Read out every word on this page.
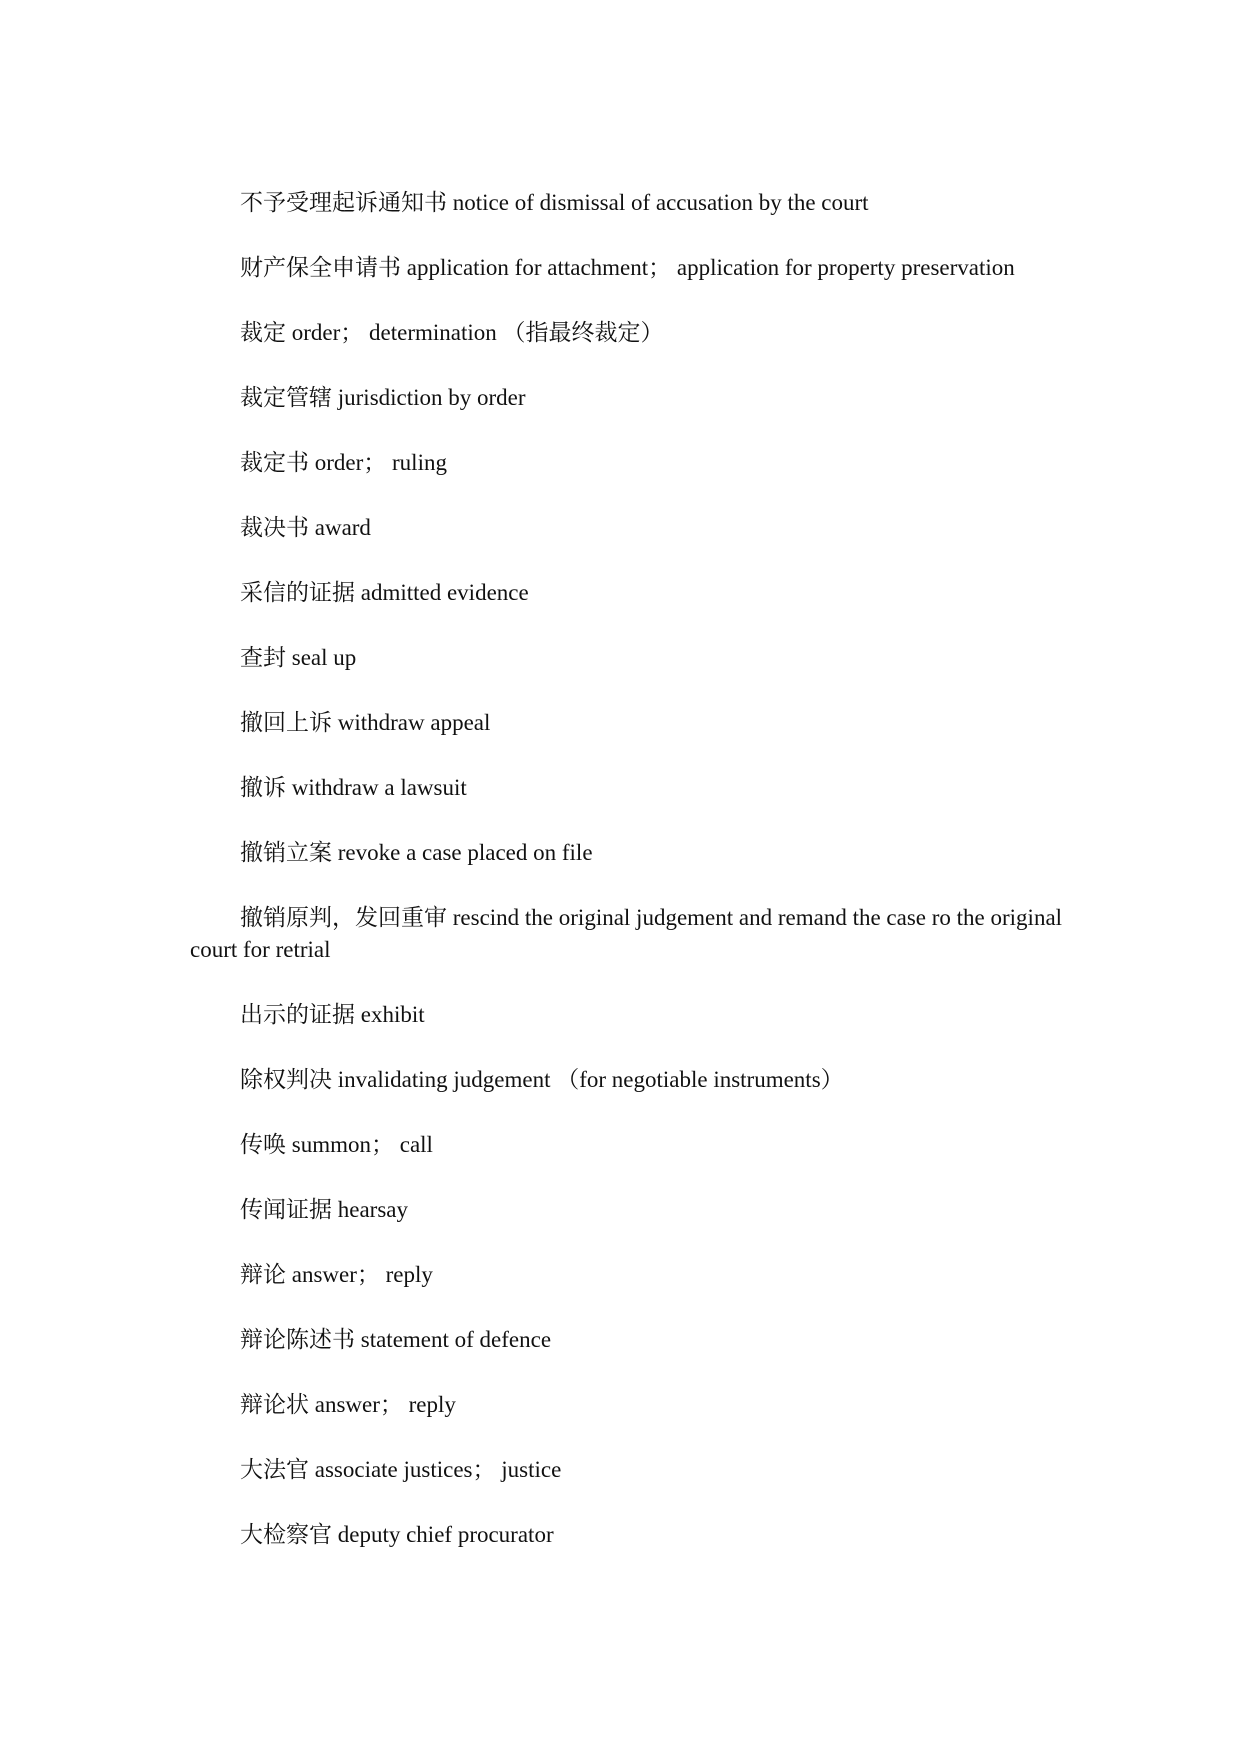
不予受理起诉通知书 notice of dismissal of accusation by the court

财产保全申请书 application for attachment； application for property preservation

裁定 order； determination （指最终裁定）

裁定管辖 jurisdiction by order

裁定书 order； ruling

裁决书 award

采信的证据 admitted evidence

查封 seal up

撤回上诉 withdraw appeal

撤诉 withdraw a lawsuit

撤销立案 revoke a case placed on file

撤销原判，发回重审 rescind the original judgement and remand the case ro the original court for retrial

出示的证据 exhibit

除权判决 invalidating judgement （for negotiable instruments）

传唤 summon； call

传闻证据 hearsay

辩论 answer； reply

辩论陈述书 statement of defence

辩论状 answer； reply

大法官 associate justices； justice

大检察官 deputy chief procurator
